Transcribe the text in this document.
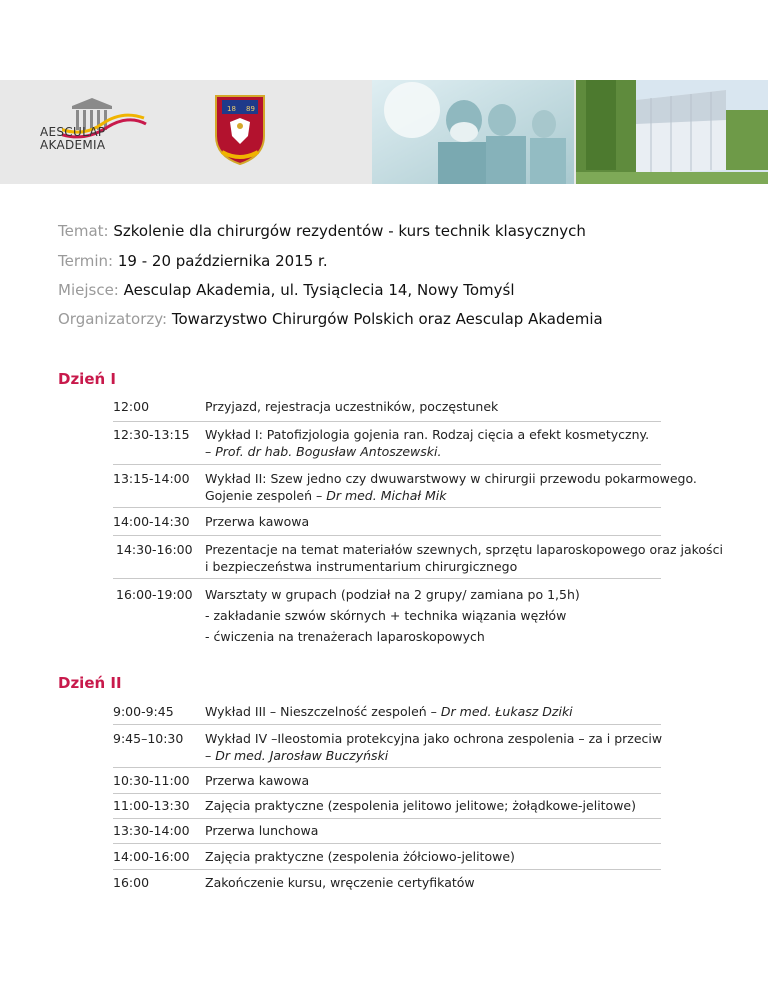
AESCULAP
AKADEMIA
18 89
Temat: Szkolenie dla chirurgów rezydentów - kurs technik klasycznych
Termin: 19 - 20 października 2015 r.
Miejsce: Aesculap Akademia, ul. Tysiąclecia 14, Nowy Tomyśl
Organizatorzy: Towarzystwo Chirurgów Polskich oraz Aesculap Akademia
Dzień I
12:00	Przyjazd, rejestracja uczestników, poczęstunek
12:30-13:15	Wykład I: Patofizjologia gojenia ran. Rodzaj cięcia a efekt kosmetyczny.
– Prof. dr hab. Bogusław Antoszewski.
13:15-14:00	Wykład II: Szew jedno czy dwuwarstwowy w chirurgii przewodu pokarmowego.
Gojenie zespoleń – Dr med. Michał Mik
14:00-14:30	Przerwa kawowa
14:30-16:00 Prezentacje na temat materiałów szewnych, sprzętu laparoskopowego oraz jakości
i bezpieczeństwa instrumentarium chirurgicznego
16:00-19:00 Warsztaty w grupach (podział na 2 grupy/ zamiana po 1,5h)
- zakładanie szwów skórnych + technika wiązania węzłów
- ćwiczenia na trenażerach laparoskopowych
Dzień II
9:00-9:45	Wykład III – Nieszczelność zespoleń – Dr med. Łukasz Dziki
9:45–10:30	Wykład IV –Ileostomia protekcyjna jako ochrona zespolenia – za i przeciw
– Dr med. Jarosław Buczyński
10:30-11:00	Przerwa kawowa
11:00-13:30	Zajęcia praktyczne (zespolenia jelitowo jelitowe; żołądkowe-jelitowe)
13:30-14:00	Przerwa lunchowa
14:00-16:00	Zajęcia praktyczne (zespolenia żółciowo-jelitowe)
16:00	Zakończenie kursu, wręczenie certyfikatów
